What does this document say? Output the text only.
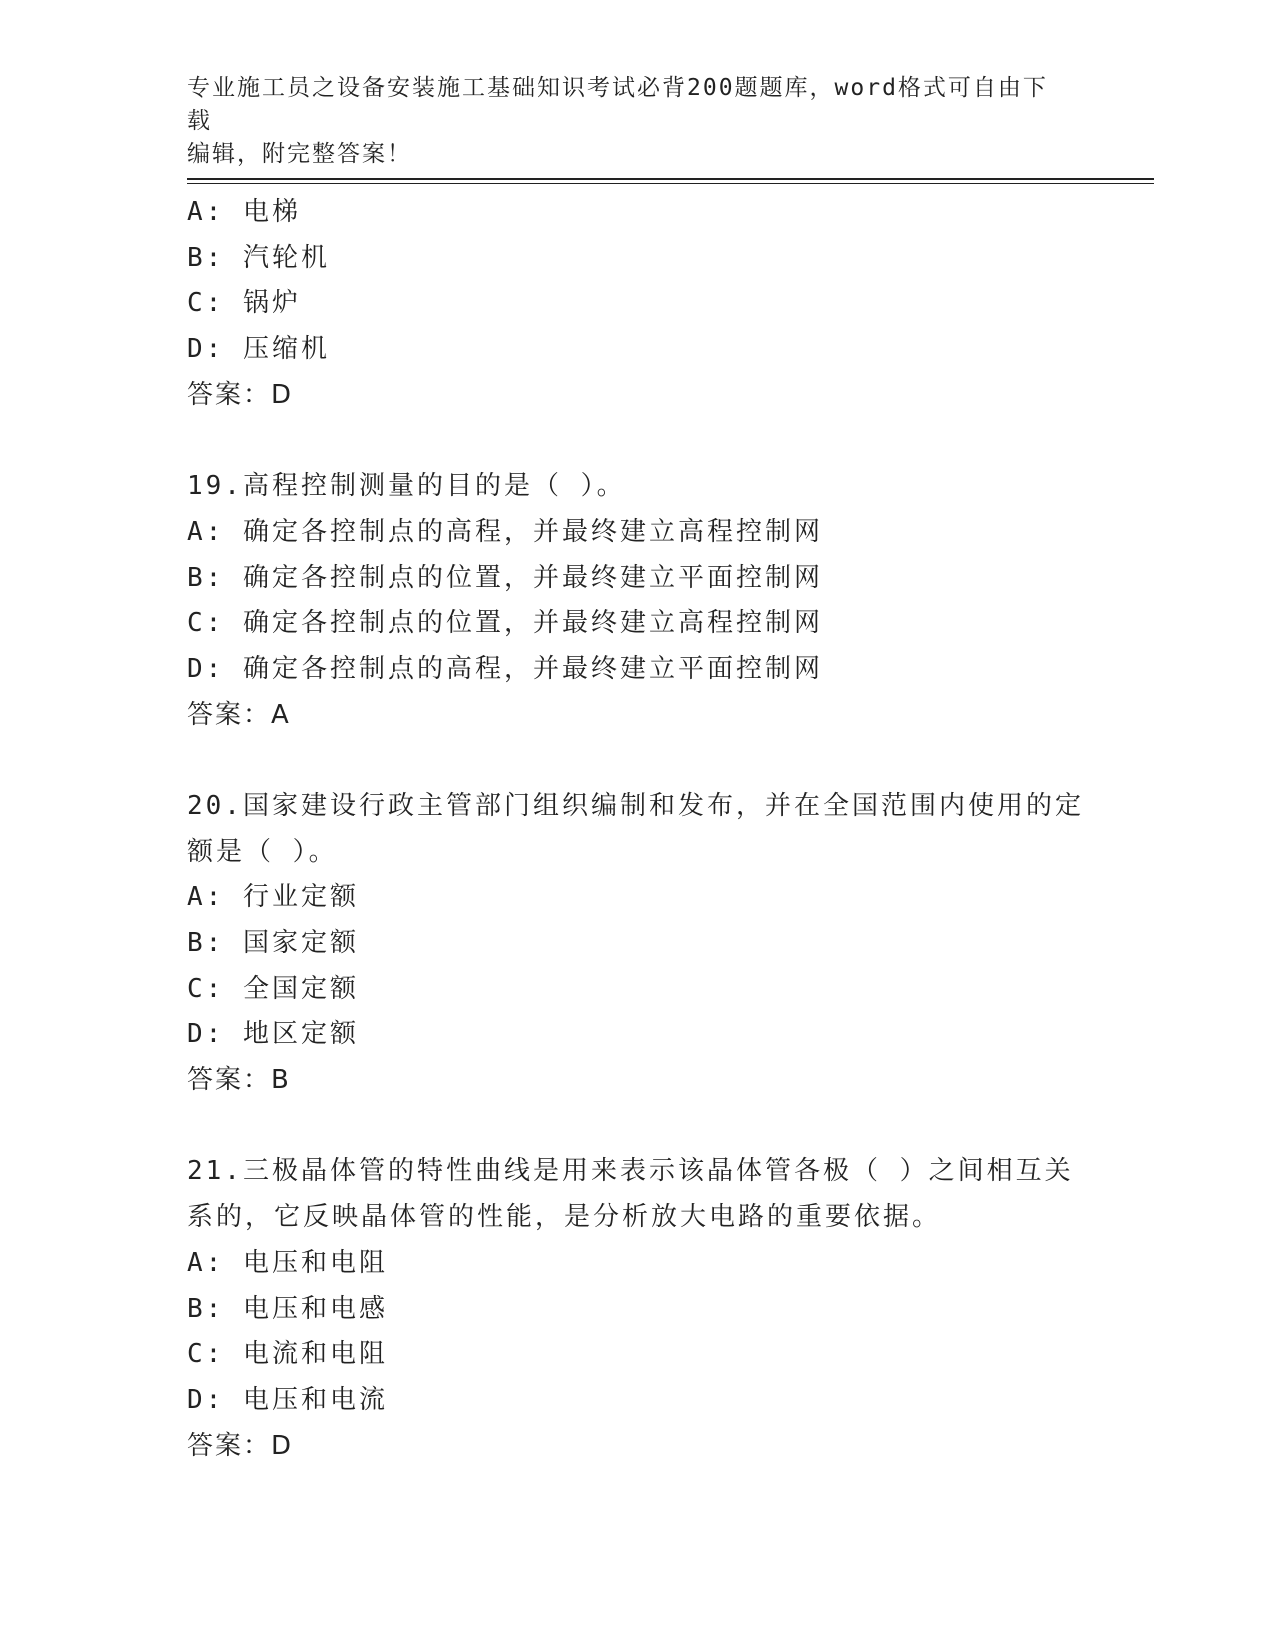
专业施工员之设备安装施工基础知识考试必背200题题库，word格式可自由下载
编辑，附完整答案！
A: 电梯
B: 汽轮机
C: 锅炉
D: 压缩机
答案：D
19.高程控制测量的目的是（ ）。
A: 确定各控制点的高程，并最终建立高程控制网
B: 确定各控制点的位置，并最终建立平面控制网
C: 确定各控制点的位置，并最终建立高程控制网
D: 确定各控制点的高程，并最终建立平面控制网
答案：A
20.国家建设行政主管部门组织编制和发布，并在全国范围内使用的定
额是（ ）。
A: 行业定额
B: 国家定额
C: 全国定额
D: 地区定额
答案：B
21.三极晶体管的特性曲线是用来表示该晶体管各极（ ）之间相互关
系的，它反映晶体管的性能，是分析放大电路的重要依据。
A: 电压和电阻
B: 电压和电感
C: 电流和电阻
D: 电压和电流
答案：D
